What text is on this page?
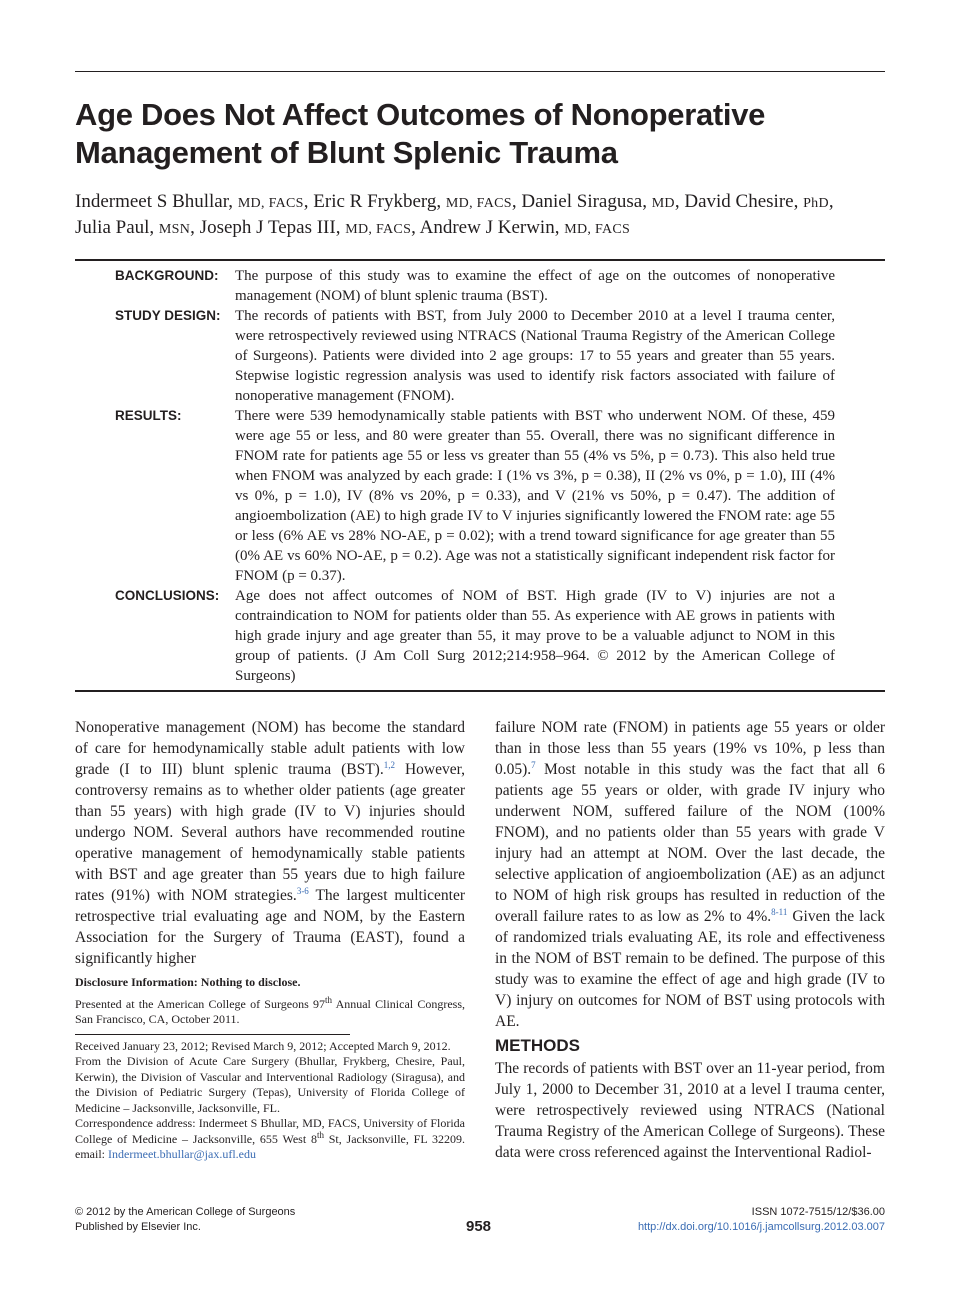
Age Does Not Affect Outcomes of Nonoperative
Management of Blunt Splenic Trauma
Indermeet S Bhullar, MD, FACS, Eric R Frykberg, MD, FACS, Daniel Siragusa, MD, David Chesire, PhD,
Julia Paul, MSN, Joseph J Tepas III, MD, FACS, Andrew J Kerwin, MD, FACS
BACKGROUND:	The purpose of this study was to examine the effect of age on the outcomes of nonoperative management (NOM) of blunt splenic trauma (BST).
STUDY DESIGN: The records of patients with BST, from July 2000 to December 2010 at a level I trauma center, were retrospectively reviewed using NTRACS (National Trauma Registry of the American College of Surgeons). Patients were divided into 2 age groups: 17 to 55 years and greater than 55 years. Stepwise logistic regression analysis was used to identify risk factors associated with failure of nonoperative management (FNOM).
RESULTS:	There were 539 hemodynamically stable patients with BST who underwent NOM. Of these, 459 were age 55 or less, and 80 were greater than 55. Overall, there was no significant difference in FNOM rate for patients age 55 or less vs greater than 55 (4% vs 5%, p = 0.73). This also held true when FNOM was analyzed by each grade: I (1% vs 3%, p = 0.38), II (2% vs 0%, p = 1.0), III (4% vs 0%, p = 1.0), IV (8% vs 20%, p = 0.33), and V (21% vs 50%, p = 0.47). The addition of angioembolization (AE) to high grade IV to V injuries significantly lowered the FNOM rate: age 55 or less (6% AE vs 28% NO-AE, p = 0.02); with a trend toward significance for age greater than 55 (0% AE vs 60% NO-AE, p = 0.2). Age was not a statistically significant independent risk factor for FNOM (p = 0.37).
CONCLUSIONS:	Age does not affect outcomes of NOM of BST. High grade (IV to V) injuries are not a contraindication to NOM for patients older than 55. As experience with AE grows in patients with high grade injury and age greater than 55, it may prove to be a valuable adjunct to NOM in this group of patients. (J Am Coll Surg 2012;214:958–964. © 2012 by the American College of Surgeons)
Nonoperative management (NOM) has become the standard of care for hemodynamically stable adult patients with low grade (I to III) blunt splenic trauma (BST).$^{1,2}$ However, controversy remains as to whether older patients (age greater than 55 years) with high grade (IV to V) injuries should undergo NOM. Several authors have recommended routine operative management of hemodynamically stable patients with BST and age greater than 55 years due to high failure rates (91%) with NOM strategies.$^{3-6}$ The largest multicenter retrospective trial evaluating age and NOM, by the Eastern Association for the Surgery of Trauma (EAST), found a significantly higher
failure NOM rate (FNOM) in patients age 55 years or older than in those less than 55 years (19% vs 10%, p less than 0.05).$^7$ Most notable in this study was the fact that all 6 patients age 55 years or older, with grade IV injury who underwent NOM, suffered failure of the NOM (100% FNOM), and no patients older than 55 years with grade V injury had an attempt at NOM. Over the last decade, the selective application of angioembolization (AE) as an adjunct to NOM of high risk groups has resulted in reduction of the overall failure rates to as low as 2% to 4%.$^{8-11}$ Given the lack of randomized trials evaluating AE, its role and effectiveness in the NOM of BST remain to be defined. The purpose of this study was to examine the effect of age and high grade (IV to V) injury on outcomes for NOM of BST using protocols with AE.
Disclosure Information: Nothing to disclose.
Presented at the American College of Surgeons 97th Annual Clinical Congress, San Francisco, CA, October 2011.
Received January 23, 2012; Revised March 9, 2012; Accepted March 9, 2012.
From the Division of Acute Care Surgery (Bhullar, Frykberg, Chesire, Paul, Kerwin), the Division of Vascular and Interventional Radiology (Siragusa), and the Division of Pediatric Surgery (Tepas), University of Florida College of Medicine – Jacksonville, Jacksonville, FL.
Correspondence address: Indermeet S Bhullar, MD, FACS, University of Florida College of Medicine – Jacksonville, 655 West 8th St, Jacksonville, FL 32209. email: Indermeet.bhullar@jax.ufl.edu
METHODS
The records of patients with BST over an 11-year period, from July 1, 2000 to December 31, 2010 at a level I trauma center, were retrospectively reviewed using NTRACS (National Trauma Registry of the American College of Surgeons). These data were cross referenced against the Interventional Radiol-
© 2012 by the American College of Surgeons
Published by Elsevier Inc.	958
ISSN 1072-7515/12/$36.00
http://dx.doi.org/10.1016/j.jamcollsurg.2012.03.007
